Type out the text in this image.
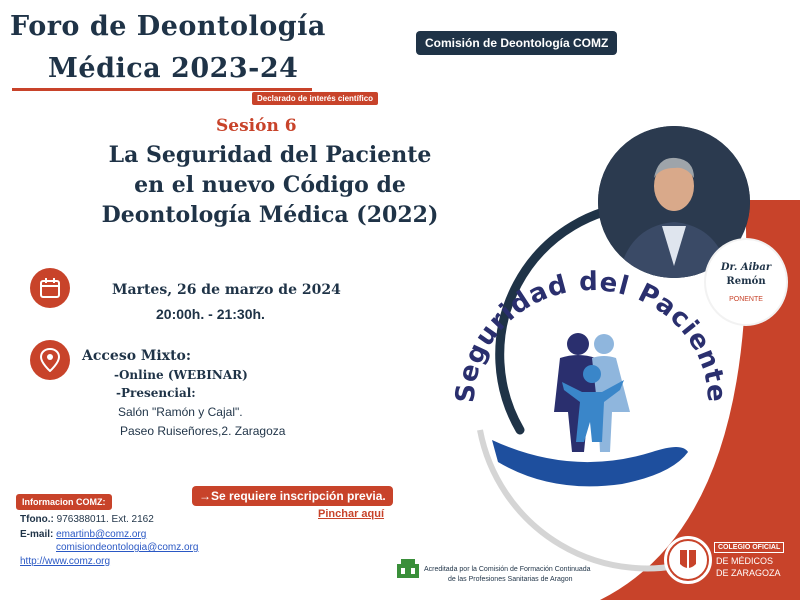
Foro de Deontología
Médica 2023-24
Declarado de interés científico
Comisión de Deontología COMZ
Sesión 6
La Seguridad del Paciente
en el nuevo Código de
Deontología Médica (2022)
Martes, 26 de marzo de 2024
20:00h. - 21:30h.
Acceso Mixto:
-Online (WEBINAR)
-Presencial:
Salón "Ramón y Cajal".
Paseo Ruiseñores,2. Zaragoza
Dr. Aibar
Remón
PONENTE
Seguridad del Pacien
→Se requiere inscripción previa.
Pinchar aquí
Informacion COMZ:
Tfono.: 976388011. Ext. 2162
E-mail: emartinb@comz.org
comisiondeontologia@comz.org
http://www.comz.org
Acreditada por la Comisión de Formación Continuada
de las Profesiones Sanitarias de Aragon
COLEGIO OFICIAL
DE MÉDICOS
DE ZARAGOZA
